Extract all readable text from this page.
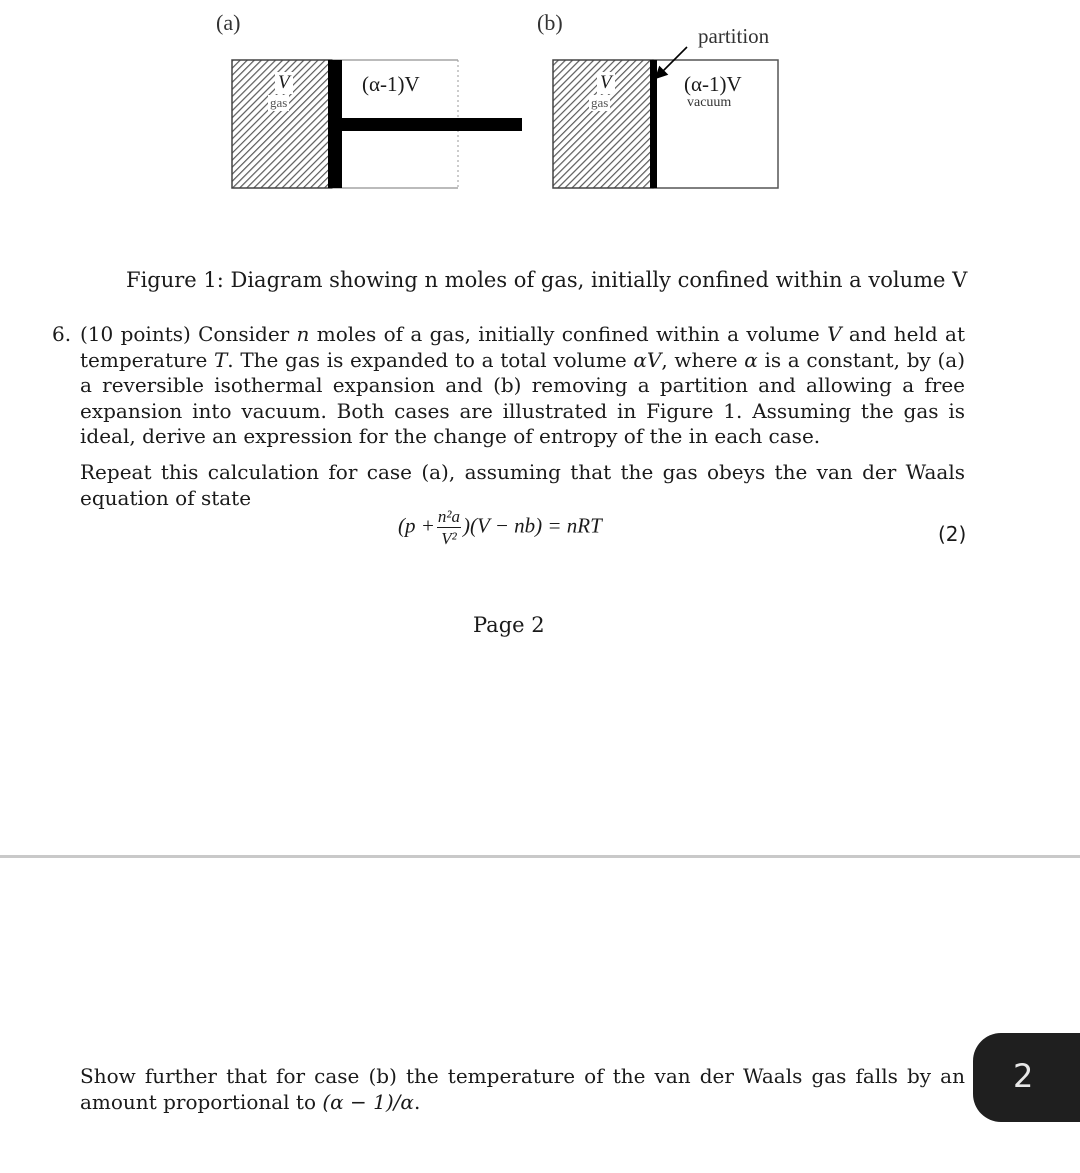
(a)	(b)
V
gas
(α-1)V	V
gas
(α-1)V
vacuum
partition
Figure 1: Diagram showing n moles of gas, initially confined within a volume V
6. (10 points) Consider n moles of a gas, initially confined within a volume V and held at temperature T. The gas is expanded to a total volume αV, where α is a constant, by (a) a reversible isothermal expansion and (b) removing a partition and allowing a free expansion into vacuum. Both cases are illustrated in Figure 1. Assuming the gas is ideal, derive an expression for the change of entropy of the in each case.

Repeat this calculation for case (a), assuming that the gas obeys the van der Waals equation of state

$(p + \frac{\text{n²a}}{\text{V²}} )(V - nb)$ = nRT	(2)
Page 2

Show further that for case (b) the temperature of the van der Waals gas falls by an amount proportional to (α − 1)/α.

2
